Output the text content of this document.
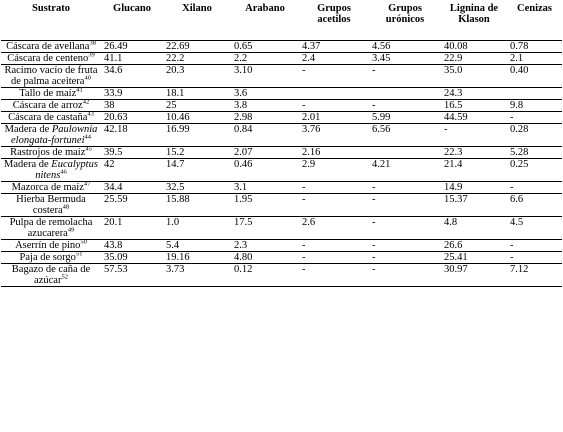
Sustrato	Glucano	Xilano	Arabano	Grupos acetilos	Grupos urónicos	Lignina de Klason	Cenizas
Cáscara de avellana$^{38}$	26.49	22.69	0.65	4.37	4.56	40.08	0.78
Cáscara de centeno$^{39}$	41.1	22.2	2.2	2.4	3.45	22.9	2.1
Racimo vacío de fruta de palma aceitera$^{40}$	34.6	20.3	3.10	-	-	35.0	0.40
Tallo de maíz$^{41}$	33.9	18.1	3.6			24.3	
Cáscara de arroz$^{42}$	38	25	3.8	-	-	16.5	9.8
Cáscara de castaña$^{43}$	20.63	10.46	2.98	2.01	5.99	44.59	-
Madera de Paulownia elongata-fortunei$^{44}$	42.18	16.99	0.84	3.76	6.56	-	0.28
Rastrojos de maíz$^{45}$	39.5	15.2	2.07	2.16		22.3	5.28
Madera de Eucalyptus nitens$^{46}$	42	14.7	0.46	2.9	4.21	21.4	0.25
Mazorca de maíz$^{47}$	34.4	32.5	3.1	-	-	14.9	-
Hierba Bermuda costera$^{48}$	25.59	15.88	1.95	-	-	15.37	6.6
Pulpa de remolacha azucarera$^{49}$	20.1	1.0	17.5	2.6	-	4.8	4.5
Aserrín de pino$^{50}$	43.8	5.4	2.3	-	-	26.6	-
Paja de sorgo$^{51}$	35.09	19.16	4.80	-	-	25.41	-
Bagazo de caña de azúcar$^{52}$	57.53	3.73	0.12	-	-	30.97	7.12
